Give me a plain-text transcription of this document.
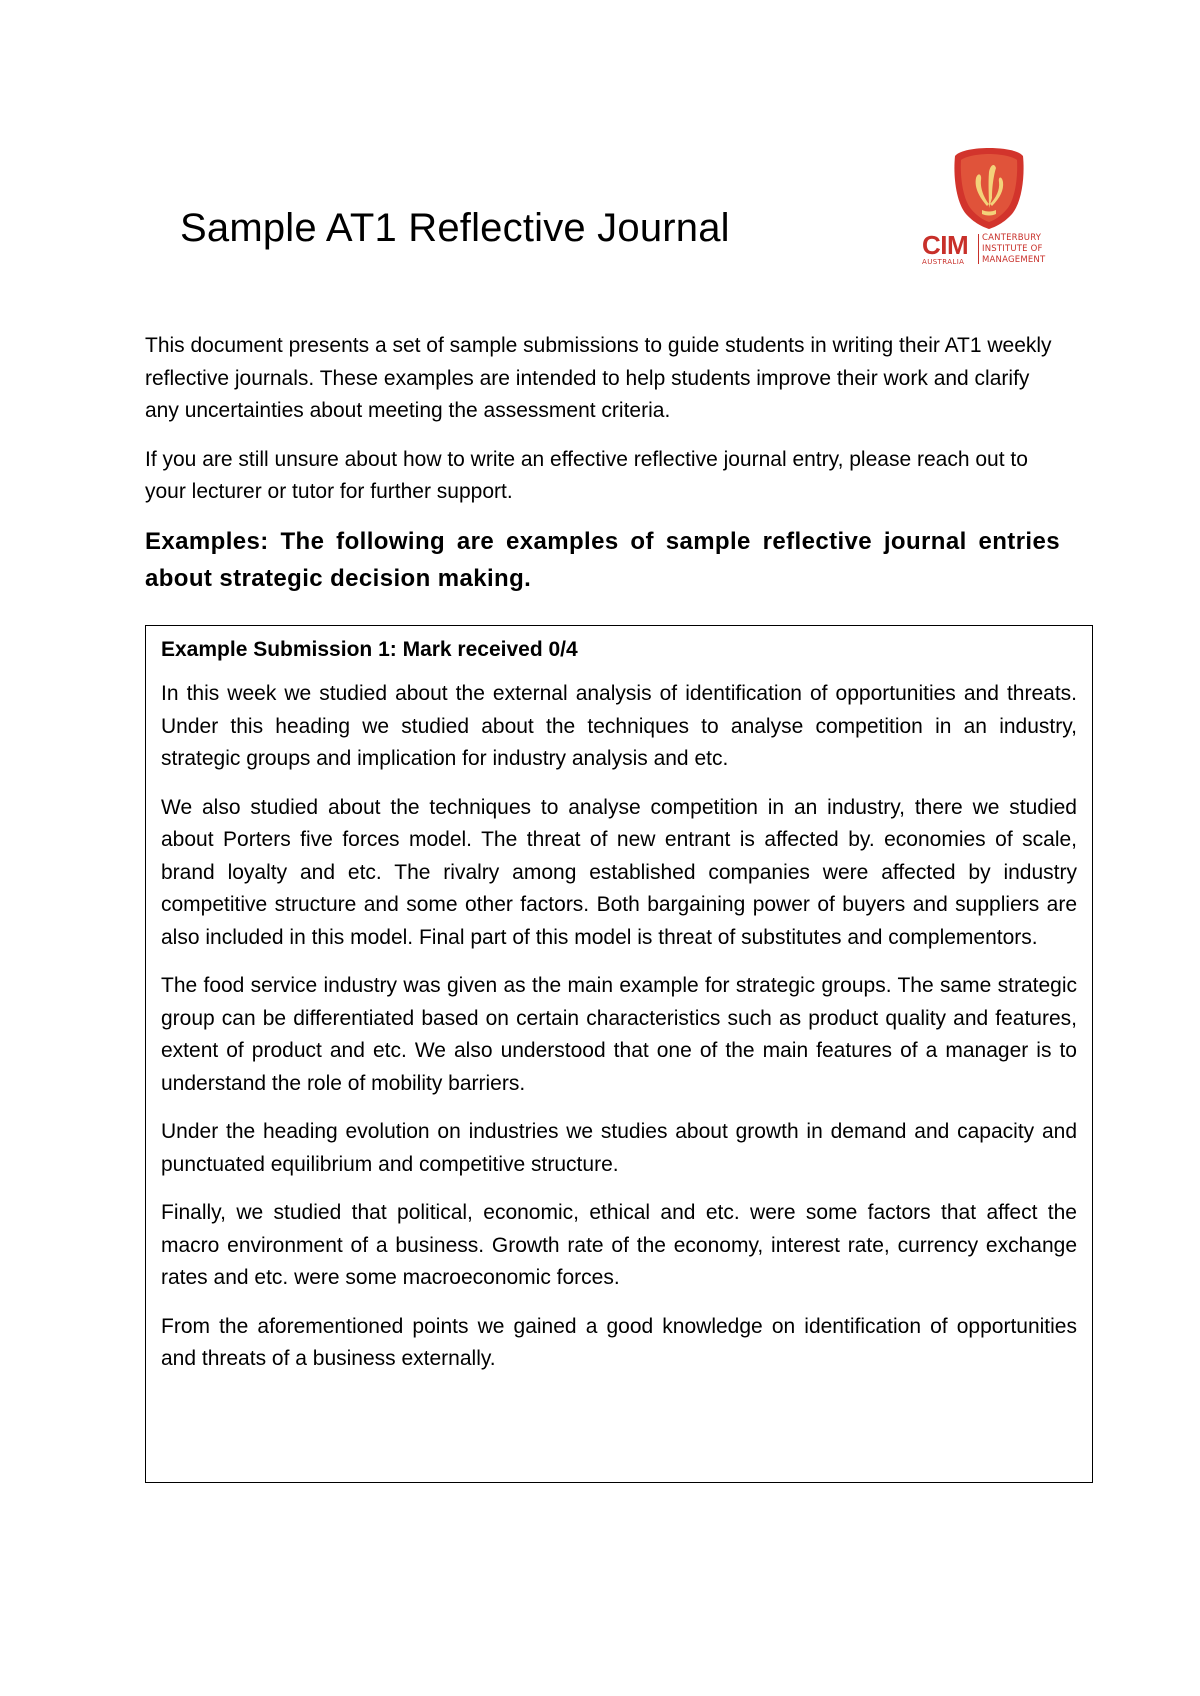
Sample AT1 Reflective Journal	CIM
AUSTRALIA
CANTERBURY
INSTITUTE OF
MANAGEMENT

This document presents a set of sample submissions to guide students in writing their AT1 weekly reflective journals. These examples are intended to help students improve their work and clarify any uncertainties about meeting the assessment criteria.

If you are still unsure about how to write an effective reflective journal entry, please reach out to your lecturer or tutor for further support.

Examples: The following are examples of sample reflective journal entries about strategic decision making.

Example Submission 1: Mark received 0/4

In this week we studied about the external analysis of identification of opportunities and threats. Under this heading we studied about the techniques to analyse competition in an industry, strategic groups and implication for industry analysis and etc.

We also studied about the techniques to analyse competition in an industry, there we studied about Porters five forces model. The threat of new entrant is affected by. economies of scale, brand loyalty and etc. The rivalry among established companies were affected by industry competitive structure and some other factors. Both bargaining power of buyers and suppliers are also included in this model. Final part of this model is threat of substitutes and complementors.

The food service industry was given as the main example for strategic groups. The same strategic group can be differentiated based on certain characteristics such as product quality and features, extent of product and etc. We also understood that one of the main features of a manager is to understand the role of mobility barriers.

Under the heading evolution on industries we studies about growth in demand and capacity and punctuated equilibrium and competitive structure.

Finally, we studied that political, economic, ethical and etc. were some factors that affect the macro environment of a business. Growth rate of the economy, interest rate, currency exchange rates and etc. were some macroeconomic forces.

From the aforementioned points we gained a good knowledge on identification of opportunities and threats of a business externally.
